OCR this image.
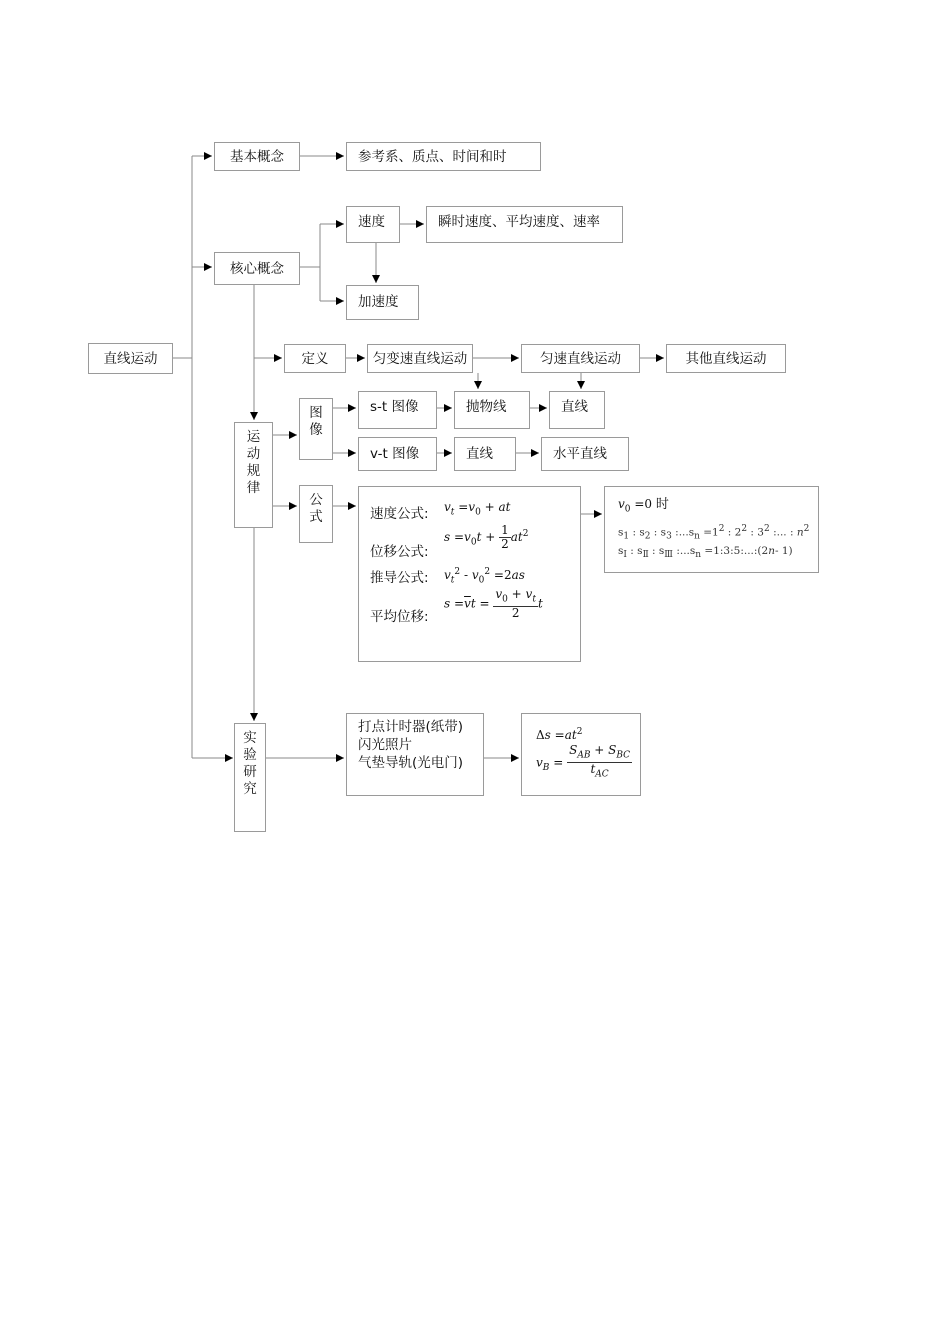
直线运动
基本概念	参考系、质点、时间和时
核心概念
速度	瞬时速度、平均速度、速率
加速度
定义	匀变速直线运动	匀速直线运动	其他直线运动
运
动
规
律
图
像
s-t 图像	抛物线	直线
v-t 图像	直线	水平直线
公
式	速度公式: $v_t =v_0$ + at
位移公式:
$s =v_0t + \frac{1}{2} at^2$
推导公式: $v_t^2 - v_0^2 =2as$
平均位移:
$s =\overline{v}t = \frac{v_0 + v_t}{2}$ t
$v_0 =0$ 时
$s_1$ : $s_2$ : $s_3$ $:...s_n =1^2$ : $2^2$ : $3^2$ :... : $n^2$
$s_Ⅰ$ : $s_Ⅱ$ : $s_Ⅲ$ $:...s_n$ =1:3:5:...:(2n- 1)
实
验
研
究
打点计时器(纸带)
闪光照片
气垫导轨(光电门)
$\Delta s =at^2$
$v_B = \frac{S_{AB} + S_{BC}}{t_{AC}}$
